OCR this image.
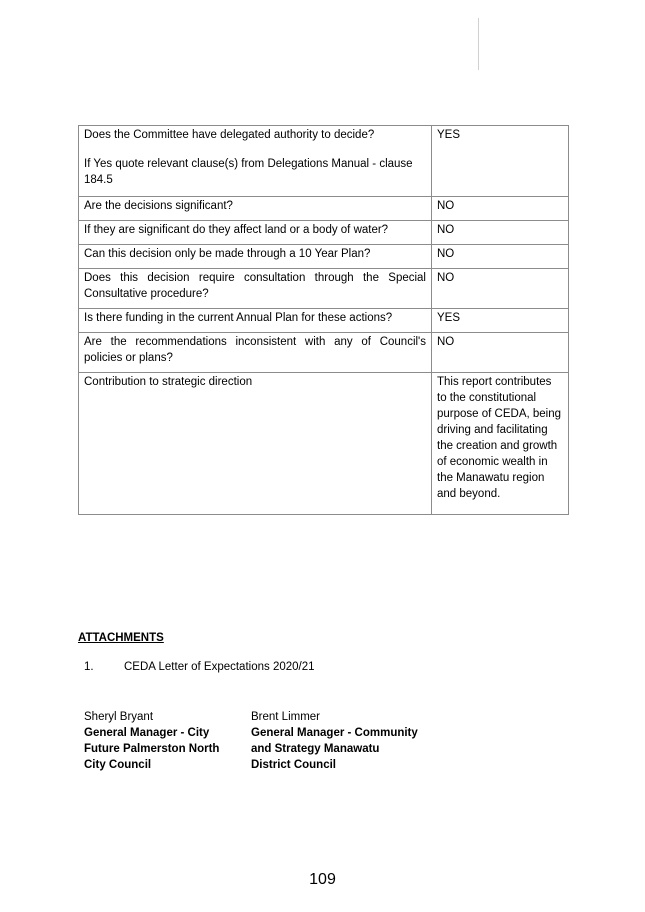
Does the Committee have delegated authority to decide?
If Yes quote relevant clause(s) from Delegations Manual - clause 184.5	YES
Are the decisions significant?	NO
If they are significant do they affect land or a body of water?	NO
Can this decision only be made through a 10 Year Plan?	NO
Does this decision require consultation through the Special Consultative procedure?	NO
Is there funding in the current Annual Plan for these actions?	YES
Are the recommendations inconsistent with any of Council's policies or plans?	NO
Contribution to strategic direction	This report contributes to the constitutional purpose of CEDA, being driving and facilitating the creation and growth of economic wealth in the Manawatu region and beyond.
ATTACHMENTS
1.	CEDA Letter of Expectations 2020/21
Sheryl Bryant
General Manager - City Future Palmerston North City Council
Brent Limmer
General Manager - Community and Strategy Manawatu District Council
109
